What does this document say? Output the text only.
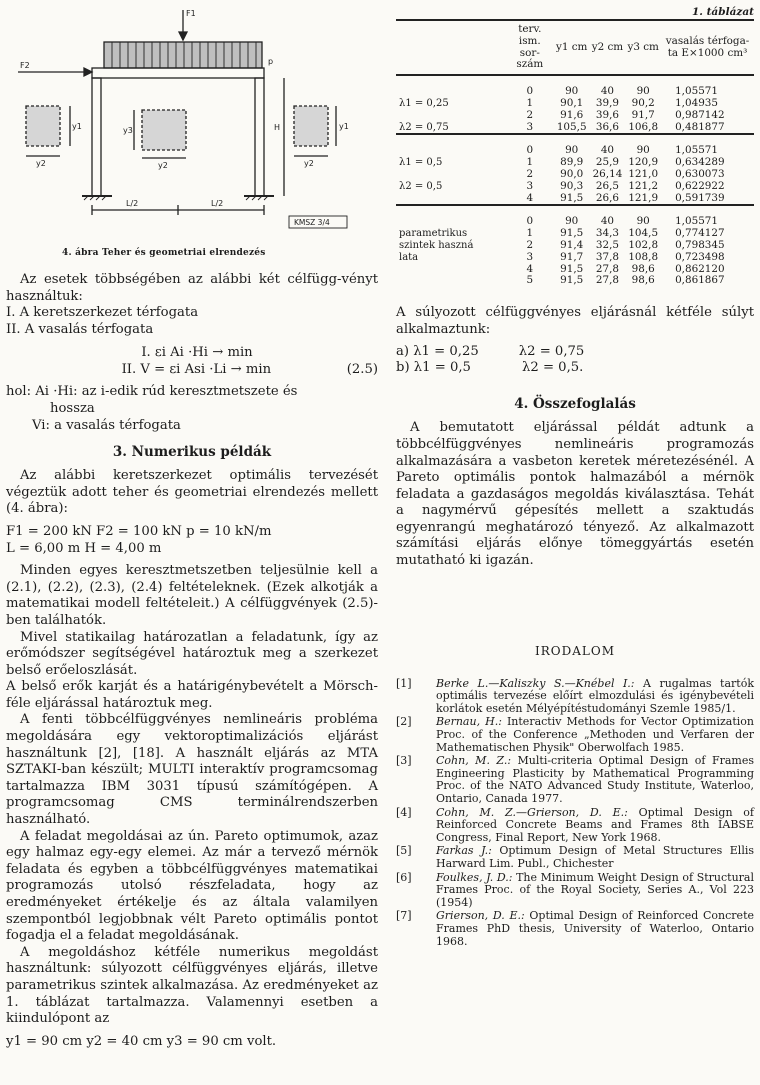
F1
F2	p
y1
y2
y3
y2
H	y1
y2
L/2	L/2
KMSZ 3/4
4. ábra Teher és geometriai elrendezés

Az esetek többségében az alábbi két célfügg-vényt használtuk:

I. A keretszerkezet térfogata

II. A vasalás térfogata

I. εi Ai ·Hi → min
II. V = εi Asi ·Li → min	(2.5)

hol: Ai ·Hi: az i-edik rúd keresztmetszete és

hossza

Vi: a vasalás térfogata

3. Numerikus példák

Az alábbi keretszerkezet optimális tervezését végeztük adott teher és geometriai elrendezés mellett (4. ábra):

F1 = 200 kN F2 = 100 kN p = 10 kN/m

L = 6,00 m H = 4,00 m

Minden egyes keresztmetszetben teljesülnie kell a (2.1), (2.2), (2.3), (2.4) feltételeknek. (Ezek alkotják a matematikai modell feltételeit.) A célfüggvények (2.5)-ben találhatók.

Mivel statikailag határozatlan a feladatunk, így az erőmódszer segítségével határoztuk meg a szerkezet belső erőeloszlását.

A belső erők karját és a határigénybevételt a Mörsch-féle eljárással határoztuk meg.

A fenti többcélfüggvényes nemlineáris probléma megoldására egy vektoroptimalizációs eljárást használtunk [2], [18]. A használt eljárás az MTA SZTAKI-ban készült; MULTI interaktív programcsomag tartalmazza IBM 3031 típusú számítógépen. A programcsomag CMS terminálrendszerben használható.

A feladat megoldásai az ún. Pareto optimumok, azaz egy halmaz egy-egy elemei. Az már a tervező mérnök feladata és egyben a többcélfüggvényes matematikai programozás utolsó részfeladata, hogy az eredményeket értékelje és az általa valamilyen szempontból legjobbnak vélt Pareto optimális pontot fogadja el a feladat megoldásának.

A megoldáshoz kétféle numerikus megoldást használtunk: súlyozott célfüggvényes eljárás, illetve parametrikus szintek alkalmazása. Az eredményeket az 1. táblázat tartalmazza. Valamennyi esetben a kiindulópont az

y1 = 90 cm y2 = 40 cm y3 = 90 cm volt.

1. táblázat
	terv. ism. sor-szám	y1 cm	y2 cm	y3 cm	vasalás térfoga-ta E×1000 cm³

	0	90	40	90	1,05571
λ1 = 0,25	1	90,1	39,9	90,2	1,04935
	2	91,6	39,6	91,7	0,987142
λ2 = 0,75	3	105,5	36,6	106,8	0,481877

	0	90	40	90	1,05571
λ1 = 0,5	1	89,9	25,9	120,9	0,634289
	2	90,0	26,14	121,0	0,630073
λ2 = 0,5	3	90,3	26,5	121,2	0,622922
	4	91,5	26,6	121,9	0,591739

	0	90	40	90	1,05571
parametrikus	1	91,5	34,3	104,5	0,774127
szintek haszná	2	91,4	32,5	102,8	0,798345
lata	3	91,7	37,8	108,8	0,723498
	4	91,5	27,8	98,6	0,862120
	5	91,5	27,8	98,6	0,861867

A súlyozott célfüggvényes eljárásnál kétféle súlyt alkalmaztunk:

a) λ1 = 0,25	λ2 = 0,75
b) λ1 = 0,5	λ2 = 0,5.
4. Összefoglalás

A bemutatott eljárással példát adtunk a többcélfüggvényes nemlineáris programozás alkalmazására a vasbeton keretek méretezésénél. A Pareto optimális pontok halmazából a mérnök feladata a gazdaságos megoldás kiválasztása. Tehát a nagymérvű gépesítés mellett a szaktudás egyenrangú meghatározó tényező. Az alkalmazott számítási eljárás előnye tömeggyártás esetén mutatható ki igazán.

IRODALOM
[1]	Berke L.—Kaliszky S.—Knébel I.: A rugalmas tartók optimális tervezése előírt elmozdulási és igénybevételi korlátok esetén Mélyépítéstudományi Szemle 1985/1.
[2]	Bernau, H.: Interactiv Methods for Vector Optimization Proc. of the Conference „Methoden und Verfaren der Mathematischen Physik" Oberwolfach 1985.
[3]	Cohn, M. Z.: Multi-criteria Optimal Design of Frames Engineering Plasticity by Mathematical Programming Proc. of the NATO Advanced Study Institute, Waterloo, Ontario, Canada 1977.
[4]	Cohn, M. Z.—Grierson, D. E.: Optimal Design of Reinforced Concrete Beams and Frames 8th IABSE Congress, Final Report, New York 1968.
[5]	Farkas J.: Optimum Design of Metal Structures Ellis Harward Lim. Publ., Chichester
[6]	Foulkes, J. D.: The Minimum Weight Design of Structural Frames Proc. of the Royal Society, Series A., Vol 223 (1954)
[7]	Grierson, D. E.: Optimal Design of Reinforced Concrete Frames PhD thesis, University of Waterloo, Ontario 1968.
